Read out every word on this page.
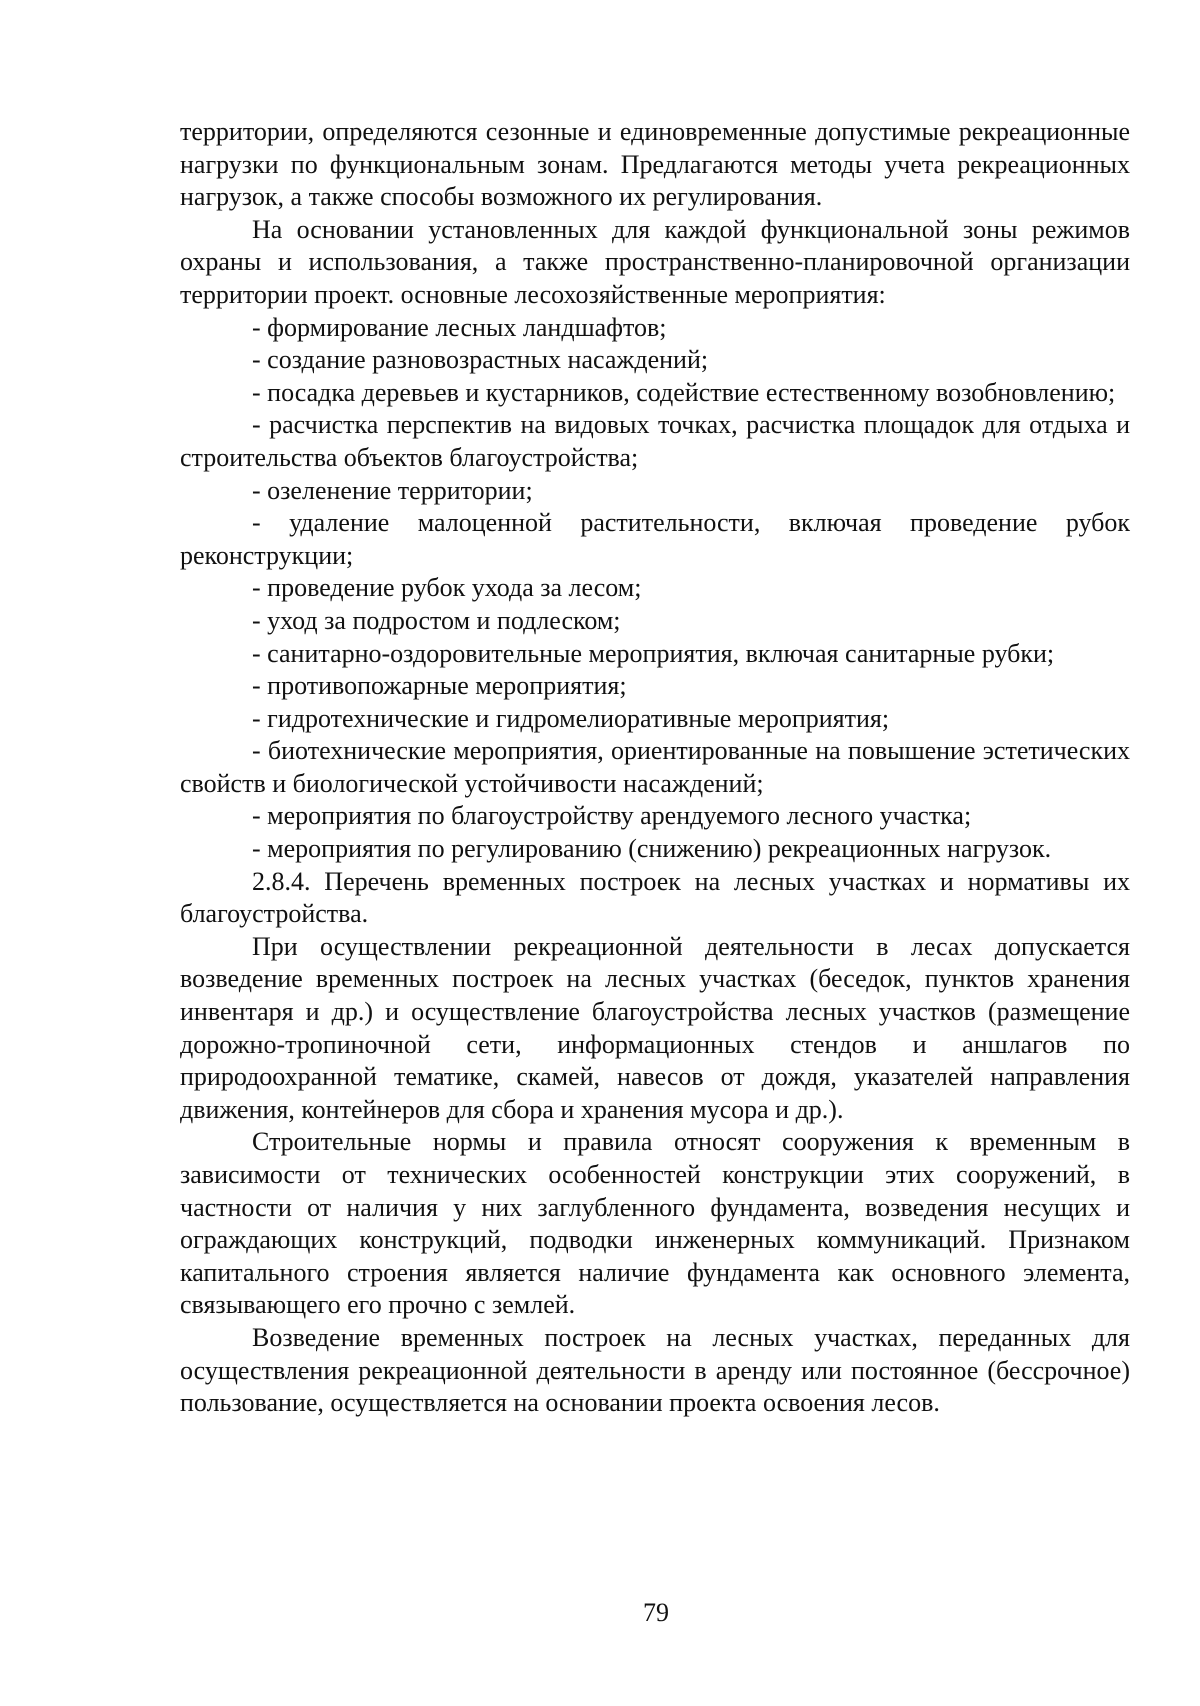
территории, определяются сезонные и единовременные допустимые рекреационные нагрузки по функциональным зонам. Предлагаются методы учета рекреационных нагрузок, а также способы возможного их регулирования.

На основании установленных для каждой функциональной зоны режимов охраны и использования, а также пространственно-планировочной организации территории проект. основные лесохозяйственные мероприятия:

- формирование лесных ландшафтов;

- создание разновозрастных насаждений;

- посадка деревьев и кустарников, содействие естественному возобновлению;

- расчистка перспектив на видовых точках, расчистка площадок для отдыха и строительства объектов благоустройства;

- озеленение территории;

- удаление малоценной растительности, включая проведение рубок реконструкции;

- проведение рубок ухода за лесом;

- уход за подростом и подлеском;

- санитарно-оздоровительные мероприятия, включая санитарные рубки;

- противопожарные мероприятия;

- гидротехнические и гидромелиоративные мероприятия;

- биотехнические мероприятия, ориентированные на повышение эстетических свойств и биологической устойчивости насаждений;

- мероприятия по благоустройству арендуемого лесного участка;

- мероприятия по регулированию (снижению) рекреационных нагрузок.

2.8.4. Перечень временных построек на лесных участках и нормативы их благоустройства.

При осуществлении рекреационной деятельности в лесах допускается возведение временных построек на лесных участках (беседок, пунктов хранения инвентаря и др.) и осуществление благоустройства лесных участков (размещение дорожно-тропиночной сети, информационных стендов и аншлагов по природоохранной тематике, скамей, навесов от дождя, указателей направления движения, контейнеров для сбора и хранения мусора и др.).

Строительные нормы и правила относят сооружения к временным в зависимости от технических особенностей конструкции этих сооружений, в частности от наличия у них заглубленного фундамента, возведения несущих и ограждающих конструкций, подводки инженерных коммуникаций. Признаком капитального строения является наличие фундамента как основного элемента, связывающего его прочно с землей.

Возведение временных построек на лесных участках, переданных для осуществления рекреационной деятельности в аренду или постоянное (бессрочное) пользование, осуществляется на основании проекта освоения лесов.

79
